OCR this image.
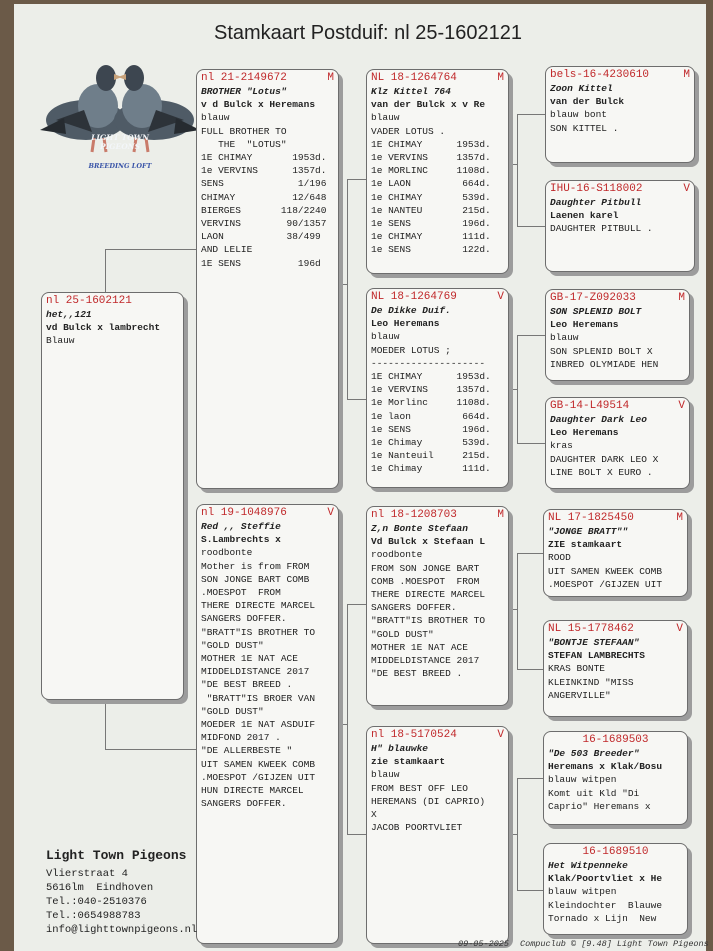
Stamkaart Postduif: nl 25-1602121
LIGHT TOWN
PIGEONS
BREEDING LOFT
nl 25-1602121
het,,121
vd Bulck x lambrecht
Blauw
nl 21-2149672	M
BROTHER "Lotus"
v d Bulck x Heremans
blauw
FULL BROTHER TO
THE  "LOTUS"
1E CHIMAY       1953d.
1e VERVINS      1357d.
SENS             1/196
CHIMAY          12/648
BIERGES       118/2240
VERVINS        90/1357
LAON           38/499
AND LELIE
1E SENS          196d
nl 19-1048976	V
Red ,, Steffie
S.Lambrechts x
roodbonte
Mother is from FROM
SON JONGE BART COMB
.MOESPOT  FROM
THERE DIRECTE MARCEL
SANGERS DOFFER.
"BRATT"IS BROTHER TO
"GOLD DUST"
MOTHER 1E NAT ACE
MIDDELDISTANCE 2017
"DE BEST BREED .
"BRATT"IS BROER VAN
"GOLD DUST"
MOEDER 1E NAT ASDUIF
MIDFOND 2017 .
"DE ALLERBESTE "
UIT SAMEN KWEEK COMB
.MOESPOT /GIJZEN UIT
HUN DIRECTE MARCEL
SANGERS DOFFER.
NL 18-1264764	M
Klz Kittel 764
van der Bulck x v Re
blauw
VADER LOTUS .
1E CHIMAY      1953d.
1e VERVINS     1357d.
1e MORLINC     1108d.
1e LAON         664d.
1e CHIMAY       539d.
1e NANTEU       215d.
1e SENS         196d.
1e CHIMAY       111d.
1e SENS         122d.
NL 18-1264769	V
De Dikke Duif.
Leo Heremans
blauw
MOEDER LOTUS ;
--------------------
1E CHIMAY      1953d.
1e VERVINS     1357d.
1e Morlinc     1108d.
1e laon         664d.
1e SENS         196d.
1e Chimay       539d.
1e Nanteuil     215d.
1e Chimay       111d.
nl 18-1208703	M
Z,n Bonte Stefaan
Vd Bulck x Stefaan L
roodbonte
FROM SON JONGE BART
COMB .MOESPOT  FROM
THERE DIRECTE MARCEL
SANGERS DOFFER.
"BRATT"IS BROTHER TO
"GOLD DUST"
MOTHER 1E NAT ACE
MIDDELDISTANCE 2017
"DE BEST BREED .
nl 18-5170524	V
H" blauwke
zie stamkaart
blauw
FROM BEST OFF LEO
HEREMANS (DI CAPRIO)
X
JACOB POORTVLIET
bels-16-4230610	M
Zoon Kittel
van der Bulck
blauw bont
SON KITTEL .
IHU-16-S118002	V
Daughter Pitbull
Laenen karel
DAUGHTER PITBULL .
GB-17-Z092033	M
SON SPLENID BOLT
Leo Heremans
blauw
SON SPLENID BOLT X
INBRED OLYMIADE HEN
GB-14-L49514	V
Daughter Dark Leo
Leo Heremans
kras
DAUGHTER DARK LEO X
LINE BOLT X EURO .
NL 17-1825450	M
"JONGE BRATT""
ZIE stamkaart
ROOD
UIT SAMEN KWEEK COMB
.MOESPOT /GIJZEN UIT
NL 15-1778462	V
"BONTJE STEFAAN"
STEFAN LAMBRECHTS
KRAS BONTE
KLEINKIND "MISS
ANGERVILLE"
16-1689503
"De 503 Breeder"
Heremans x Klak/Bosu
blauw witpen
Komt uit Kld "Di
Caprio" Heremans x
16-1689510
Het Witpenneke
Klak/Poortvliet x He
blauw witpen
Kleindochter  Blauwe
Tornado x Lijn  New
Light Town Pigeons
Vlierstraat 4
5616lm  Eindhoven
Tel.:040-2510376
Tel.:0654988783
info@lighttownpigeons.nl
09-05-2025 Compuclub © [9.48] Light Town Pigeons
